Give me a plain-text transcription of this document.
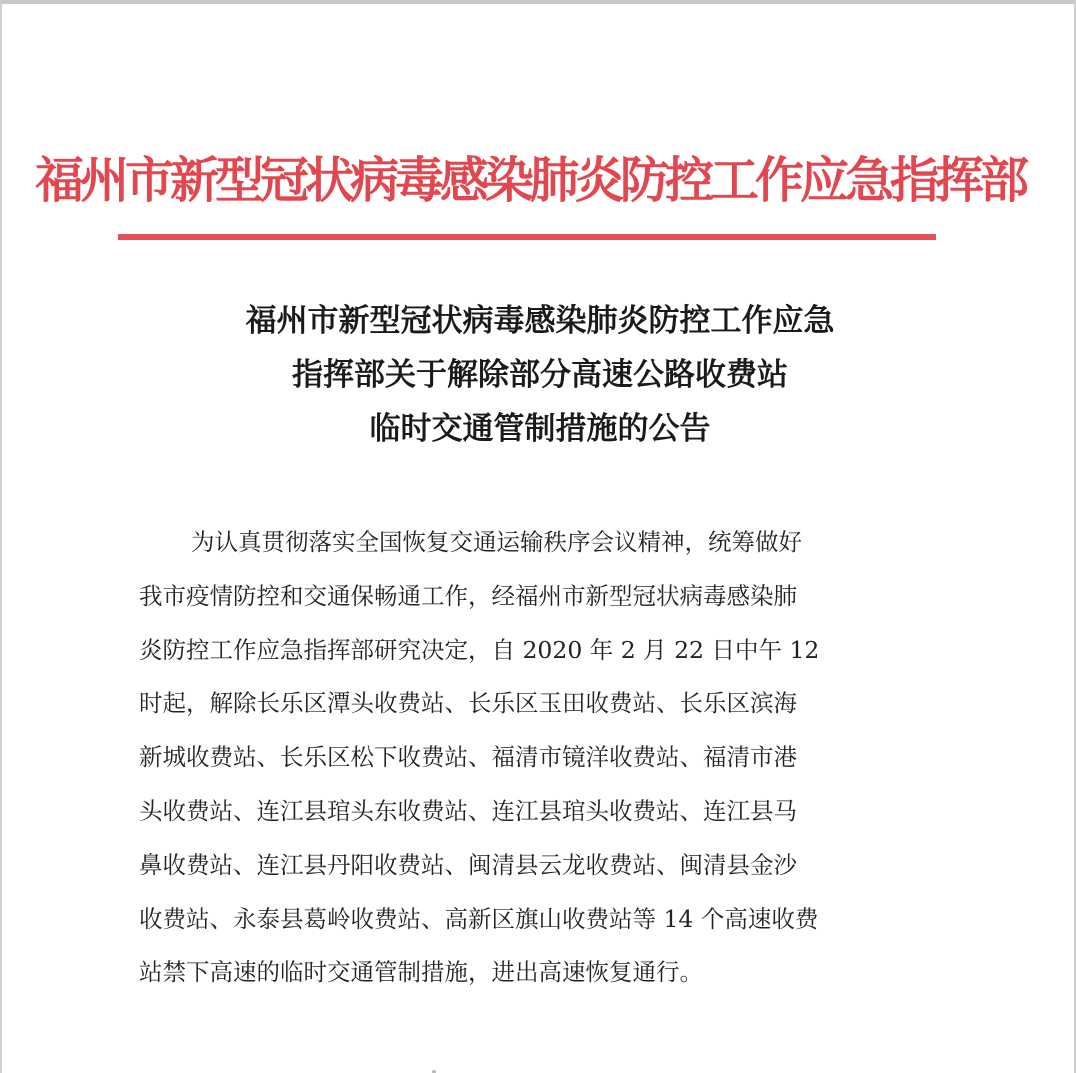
福州市新型冠状病毒感染肺炎防控工作应急指挥部
福州市新型冠状病毒感染肺炎防控工作应急
指挥部关于解除部分高速公路收费站
临时交通管制措施的公告
为认真贯彻落实全国恢复交通运输秩序会议精神，统筹做好
我市疫情防控和交通保畅通工作，经福州市新型冠状病毒感染肺
炎防控工作应急指挥部研究决定，自 2020 年 2 月 22 日中午 12
时起，解除长乐区潭头收费站、长乐区玉田收费站、长乐区滨海
新城收费站、长乐区松下收费站、福清市镜洋收费站、福清市港
头收费站、连江县琯头东收费站、连江县琯头收费站、连江县马
鼻收费站、连江县丹阳收费站、闽清县云龙收费站、闽清县金沙
收费站、永泰县葛岭收费站、高新区旗山收费站等 14 个高速收费
站禁下高速的临时交通管制措施，进出高速恢复通行。
